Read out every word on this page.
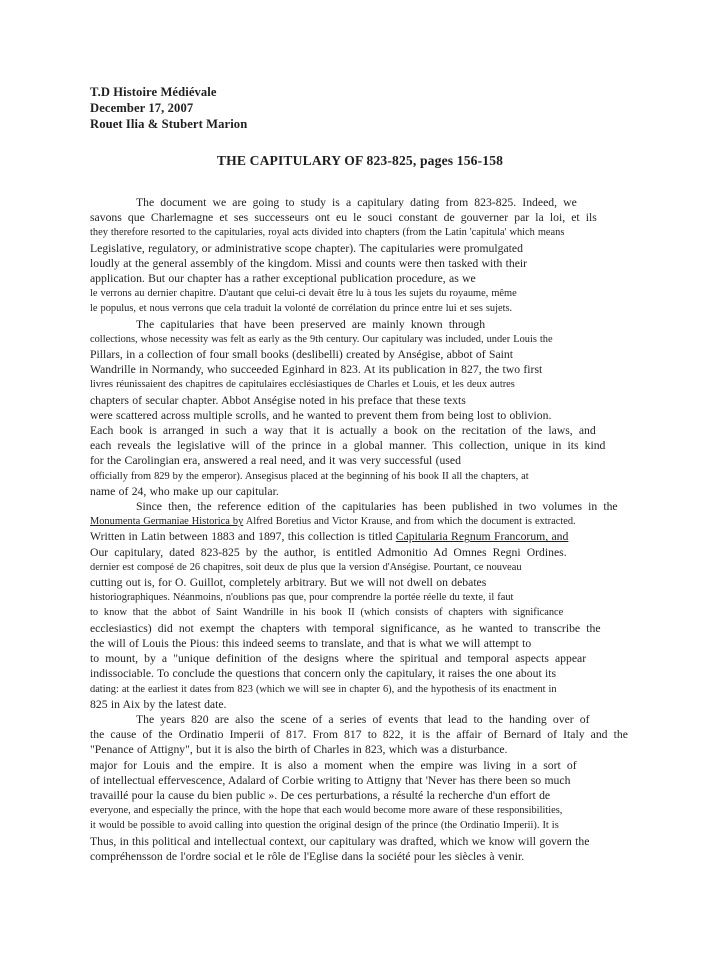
T.D Histoire Médiévale
December 17, 2007
Rouet Ilia & Stubert Marion
THE CAPITULARY OF 823-825, pages 156-158
The document we are going to study is a capitulary dating from 823-825. Indeed, we
savons que Charlemagne et ses successeurs ont eu le souci constant de gouverner par la loi, et ils
they therefore resorted to the capitularies, royal acts divided into chapters (from the Latin 'capitula' which means
Legislative, regulatory, or administrative scope chapter). The capitularies were promulgated
loudly at the general assembly of the kingdom. Missi and counts were then tasked with their
application. But our chapter has a rather exceptional publication procedure, as we
le verrons au dernier chapitre. D'autant que celui-ci devait être lu à tous les sujets du royaume, même
le populus, et nous verrons que cela traduit la volonté de corrélation du prince entre lui et ses sujets.
The capitularies that have been preserved are mainly known through
collections, whose necessity was felt as early as the 9th century. Our capitulary was included, under Louis the
Pillars, in a collection of four small books (deslibelli) created by Anségise, abbot of Saint
Wandrille in Normandy, who succeeded Eginhard in 823. At its publication in 827, the two first
livres réunissaient des chapitres de capitulaires ecclésiastiques de Charles et Louis, et les deux autres
chapters of secular chapter. Abbot Anségise noted in his preface that these texts
were scattered across multiple scrolls, and he wanted to prevent them from being lost to oblivion.
Each book is arranged in such a way that it is actually a book on the recitation of the laws, and
each reveals the legislative will of the prince in a global manner. This collection, unique in its kind
for the Carolingian era, answered a real need, and it was very successful (used
officially from 829 by the emperor). Ansegisus placed at the beginning of his book II all the chapters, at
name of 24, who make up our capitular.
Since then, the reference edition of the capitularies has been published in two volumes in the
Monumenta Germaniae Historica by Alfred Boretius and Victor Krause, and from which the document is extracted.
Written in Latin between 1883 and 1897, this collection is titled Capitularia Regnum Francorum, and
Our capitulary, dated 823-825 by the author, is entitled Admonitio Ad Omnes Regni Ordines.
dernier est composé de 26 chapitres, soit deux de plus que la version d'Anségise. Pourtant, ce nouveau
cutting out is, for O. Guillot, completely arbitrary. But we will not dwell on debates
historiographiques. Néanmoins, n'oublions pas que, pour comprendre la portée réelle du texte, il faut
to know that the abbot of Saint Wandrille in his book II (which consists of chapters with significance
ecclesiastics) did not exempt the chapters with temporal significance, as he wanted to transcribe the
the will of Louis the Pious: this indeed seems to translate, and that is what we will attempt to
to mount, by a "unique definition of the designs where the spiritual and temporal aspects appear
indissociable. To conclude the questions that concern only the capitulary, it raises the one about its
dating: at the earliest it dates from 823 (which we will see in chapter 6), and the hypothesis of its enactment in
825 in Aix by the latest date.
The years 820 are also the scene of a series of events that lead to the handing over of
the cause of the Ordinatio Imperii of 817. From 817 to 822, it is the affair of Bernard of Italy and the
"Penance of Attigny", but it is also the birth of Charles in 823, which was a disturbance.
major for Louis and the empire. It is also a moment when the empire was living in a sort of
of intellectual effervescence, Adalard of Corbie writing to Attigny that 'Never has there been so much
travaillé pour la cause du bien public ». De ces perturbations, a résulté la recherche d'un effort de
everyone, and especially the prince, with the hope that each would become more aware of these responsibilities,
it would be possible to avoid calling into question the original design of the prince (the Ordinatio Imperii). It is
Thus, in this political and intellectual context, our capitulary was drafted, which we know will govern the
compréhensson de l'ordre social et le rôle de l'Eglise dans la société pour les siècles à venir.
